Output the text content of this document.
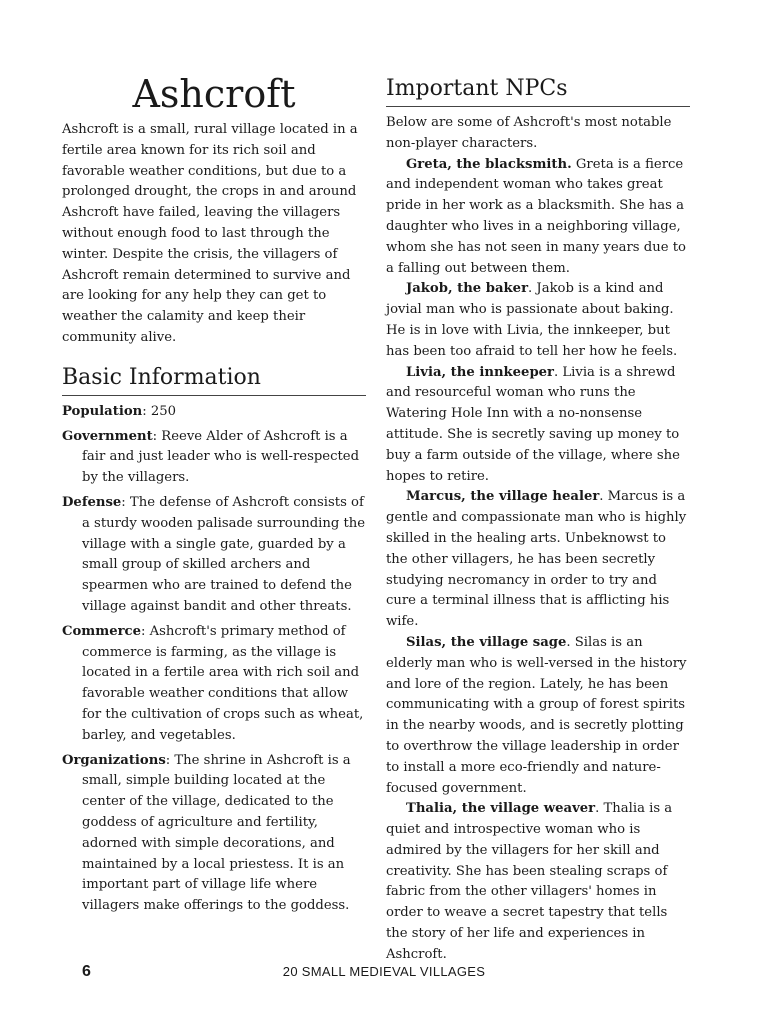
Ashcroft

Ashcroft is a small, rural village located in a fertile area known for its rich soil and favorable weather conditions, but due to a prolonged drought, the crops in and around Ashcroft have failed, leaving the villagers without enough food to last through the winter. Despite the crisis, the villagers of Ashcroft remain determined to survive and are looking for any help they can get to weather the calamity and keep their community alive.

Basic Information

Population: 250

Government: Reeve Alder of Ashcroft is a fair and just leader who is well-respected by the villagers.

Defense: The defense of Ashcroft consists of a sturdy wooden palisade surrounding the village with a single gate, guarded by a small group of skilled archers and spearmen who are trained to defend the village against bandit and other threats.

Commerce: Ashcroft's primary method of commerce is farming, as the village is located in a fertile area with rich soil and favorable weather conditions that allow for the cultivation of crops such as wheat, barley, and vegetables.

Organizations: The shrine in Ashcroft is a small, simple building located at the center of the village, dedicated to the goddess of agriculture and fertility, adorned with simple decorations, and maintained by a local priestess. It is an important part of village life where villagers make offerings to the goddess.

Important NPCs

Below are some of Ashcroft's most notable non-player characters.

Greta, the blacksmith. Greta is a fierce and independent woman who takes great pride in her work as a blacksmith. She has a daughter who lives in a neighboring village, whom she has not seen in many years due to a falling out between them.

Jakob, the baker. Jakob is a kind and jovial man who is passionate about baking. He is in love with Livia, the innkeeper, but has been too afraid to tell her how he feels.

Livia, the innkeeper. Livia is a shrewd and resourceful woman who runs the Watering Hole Inn with a no-nonsense attitude. She is secretly saving up money to buy a farm outside of the village, where she hopes to retire.

Marcus, the village healer. Marcus is a gentle and compassionate man who is highly skilled in the healing arts. Unbeknowst to the other villagers, he has been secretly studying necromancy in order to try and cure a terminal illness that is afflicting his wife.

Silas, the village sage. Silas is an elderly man who is well-versed in the history and lore of the region. Lately, he has been communicating with a group of forest spirits in the nearby woods, and is secretly plotting to overthrow the village leadership in order to install a more eco-friendly and nature-focused government.

Thalia, the village weaver. Thalia is a quiet and introspective woman who is admired by the villagers for her skill and creativity. She has been stealing scraps of fabric from the other villagers' homes in order to weave a secret tapestry that tells the story of her life and experiences in Ashcroft.

6	20 SMALL MEDIEVAL VILLAGES
